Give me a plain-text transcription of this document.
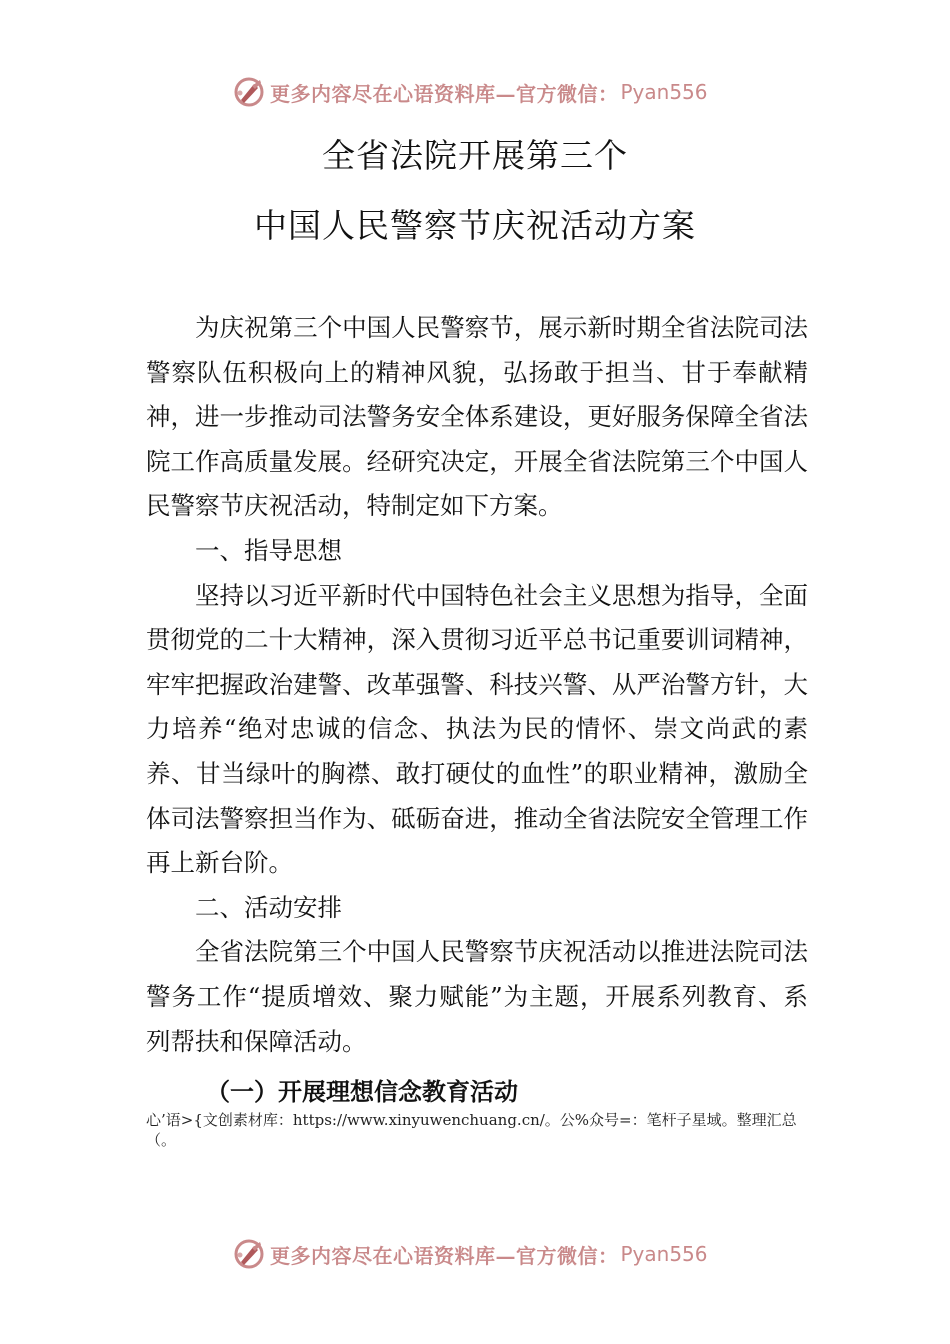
更多内容尽在心语资料库—官方微信： Pyan556
全省法院开展第三个
中国人民警察节庆祝活动方案

为庆祝第三个中国人民警察节，展示新时期全省法院司法警察队伍积极向上的精神风貌，弘扬敢于担当、甘于奉献精神，进一步推动司法警务安全体系建设，更好服务保障全省法院工作高质量发展。经研究决定，开展全省法院第三个中国人民警察节庆祝活动，特制定如下方案。

一、指导思想

坚持以习近平新时代中国特色社会主义思想为指导，全面贯彻党的二十大精神，深入贯彻习近平总书记重要训词精神，牢牢把握政治建警、改革强警、科技兴警、从严治警方针，大力培养“绝对忠诚的信念、执法为民的情怀、崇文尚武的素养、甘当绿叶的胸襟、敢打硬仗的血性”的职业精神，激励全体司法警察担当作为、砥砺奋进，推动全省法院安全管理工作再上新台阶。

二、活动安排

全省法院第三个中国人民警察节庆祝活动以推进法院司法警务工作“提质增效、聚力赋能”为主题，开展系列教育、系列帮扶和保障活动。

（一）开展理想信念教育活动
心’语>{文创素材库：https://www.xinyuwenchuang.cn/。公%众号=：笔杆子星域。整理汇总（。
更多内容尽在心语资料库—官方微信： Pyan556
